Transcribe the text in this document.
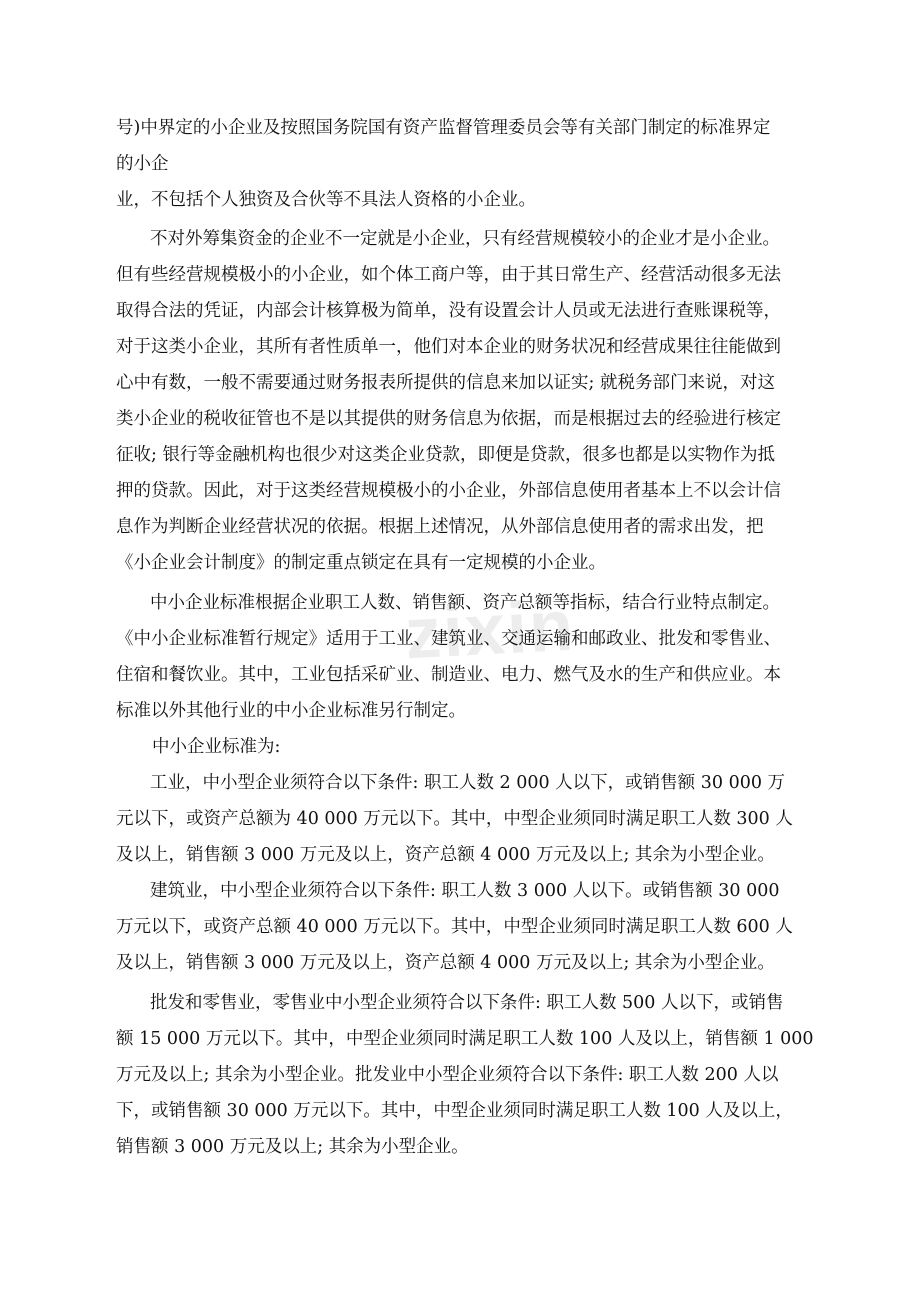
zixin
号)中界定的小企业及按照国务院国有资产监督管理委员会等有关部门制定的标准界定
的小企
业，不包括个人独资及合伙等不具法人资格的小企业。
不对外筹集资金的企业不一定就是小企业，只有经营规模较小的企业才是小企业。
但有些经营规模极小的小企业，如个体工商户等，由于其日常生产、经营活动很多无法
取得合法的凭证，内部会计核算极为简单，没有设置会计人员或无法进行查账课税等，
对于这类小企业，其所有者性质单一，他们对本企业的财务状况和经营成果往往能做到
心中有数，一般不需要通过财务报表所提供的信息来加以证实; 就税务部门来说，对这
类小企业的税收征管也不是以其提供的财务信息为依据，而是根据过去的经验进行核定
征收; 银行等金融机构也很少对这类企业贷款，即便是贷款，很多也都是以实物作为抵
押的贷款。因此，对于这类经营规模极小的小企业，外部信息使用者基本上不以会计信
息作为判断企业经营状况的依据。根据上述情况，从外部信息使用者的需求出发，把
《小企业会计制度》的制定重点锁定在具有一定规模的小企业。
中小企业标准根据企业职工人数、销售额、资产总额等指标，结合行业特点制定。
《中小企业标准暂行规定》适用于工业、建筑业、交通运输和邮政业、批发和零售业、
住宿和餐饮业。其中，工业包括采矿业、制造业、电力、燃气及水的生产和供应业。本
标准以外其他行业的中小企业标准另行制定。
中小企业标准为:
工业，中小型企业须符合以下条件: 职工人数 2 000 人以下，或销售额 30 000 万
元以下，或资产总额为 40 000 万元以下。其中，中型企业须同时满足职工人数 300 人
及以上，销售额 3 000 万元及以上，资产总额 4 000 万元及以上; 其余为小型企业。
建筑业，中小型企业须符合以下条件: 职工人数 3 000 人以下。或销售额 30 000
万元以下，或资产总额 40 000 万元以下。其中，中型企业须同时满足职工人数 600 人
及以上，销售额 3 000 万元及以上，资产总额 4 000 万元及以上; 其余为小型企业。
批发和零售业，零售业中小型企业须符合以下条件: 职工人数 500 人以下，或销售
额 15 000 万元以下。其中，中型企业须同时满足职工人数 100 人及以上，销售额 1 000
万元及以上; 其余为小型企业。批发业中小型企业须符合以下条件: 职工人数 200 人以
下，或销售额 30 000 万元以下。其中，中型企业须同时满足职工人数 100 人及以上，
销售额 3 000 万元及以上; 其余为小型企业。
